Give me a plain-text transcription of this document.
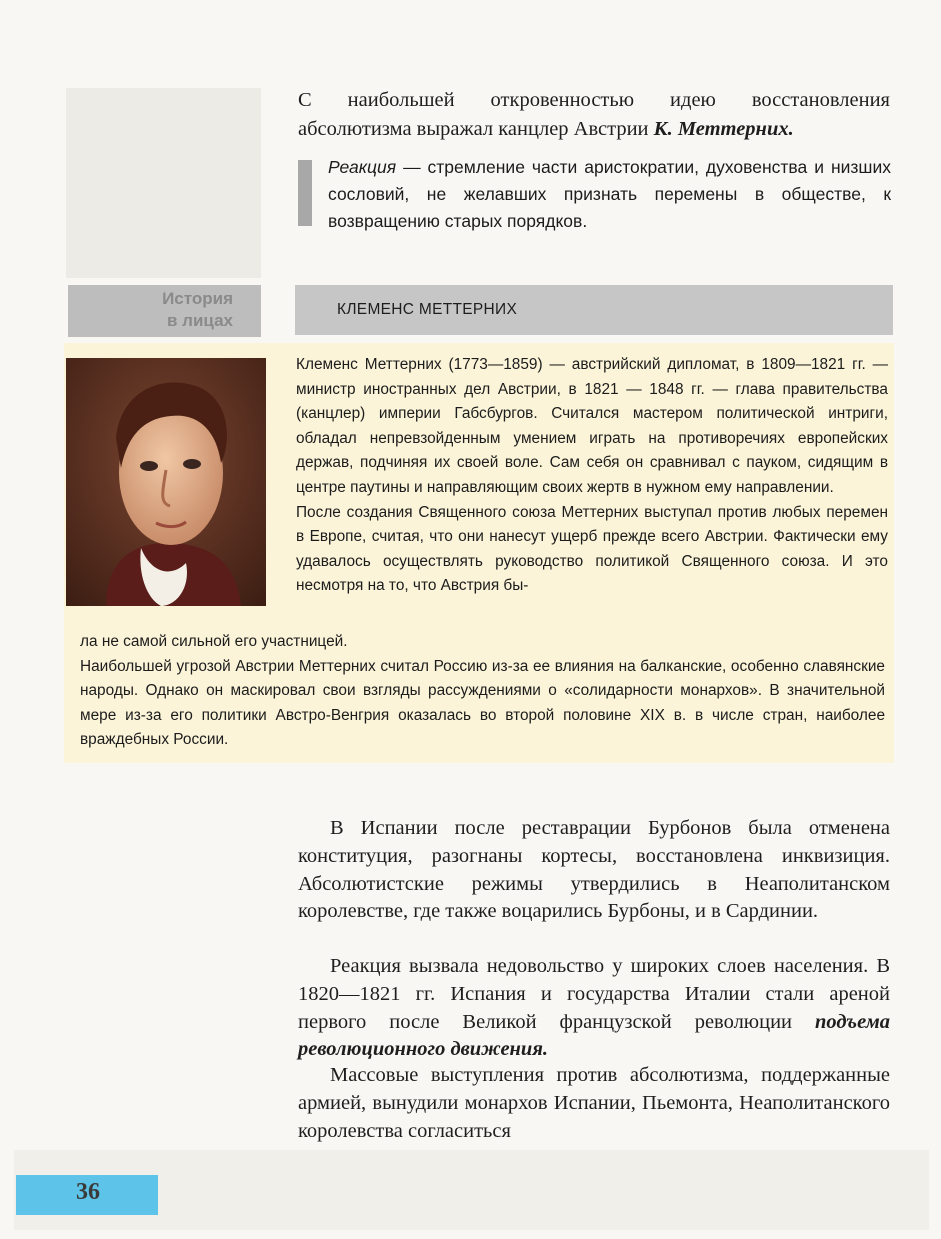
С наибольшей откровенностью идею восстановления
абсолютизма выражал канцлер Австрии К. Меттерних.
Реакция — стремление части аристократии, духовенства и низших сословий, не желавших признать перемены в обществе, к возвращению старых порядков.
История
в лицах
КЛЕМЕНС МЕТТЕРНИХ
Клеменс Меттерних (1773—1859) — австрийский дипломат, в 1809—1821 гг. — министр иностранных дел Австрии, в 1821 — 1848 гг. — глава правительства (канцлер) империи Габсбургов. Считался мастером политической интриги, обладал непревзойденным умением играть на противоречиях европейских держав, подчиняя их своей воле. Сам себя он сравнивал с пауком, сидящим в центре паутины и направляющим своих жертв в нужном ему направлении.
После создания Священного союза Меттерних выступал против любых перемен в Европе, считая, что они нанесут ущерб прежде всего Австрии. Фактически ему удавалось осуществлять руководство политикой Священного союза. И это несмотря на то, что Австрия бы-
ла не самой сильной его участницей.
Наибольшей угрозой Австрии Меттерних считал Россию из-за ее влияния на балканские, особенно славянские народы. Однако он маскировал свои взгляды рассуждениями о «солидарности монархов». В значительной мере из-за его политики Австро-Венгрия оказалась во второй половине XIX в. в числе стран, наиболее враждебных России.
В Испании после реставрации Бурбонов была отменена конституция, разогнаны кортесы, восстановлена инквизиция. Абсолютистские режимы утвердились в Неаполитанском королевстве, где также воцарились Бурбоны, и в Сардинии.
Реакция вызвала недовольство у широких слоев населения. В 1820—1821 гг. Испания и государства Италии стали ареной первого после Великой французской революции подъема революционного движения.
Массовые выступления против абсолютизма, поддержанные армией, вынудили монархов Испании, Пьемонта, Неаполитанского королевства согласиться
36
